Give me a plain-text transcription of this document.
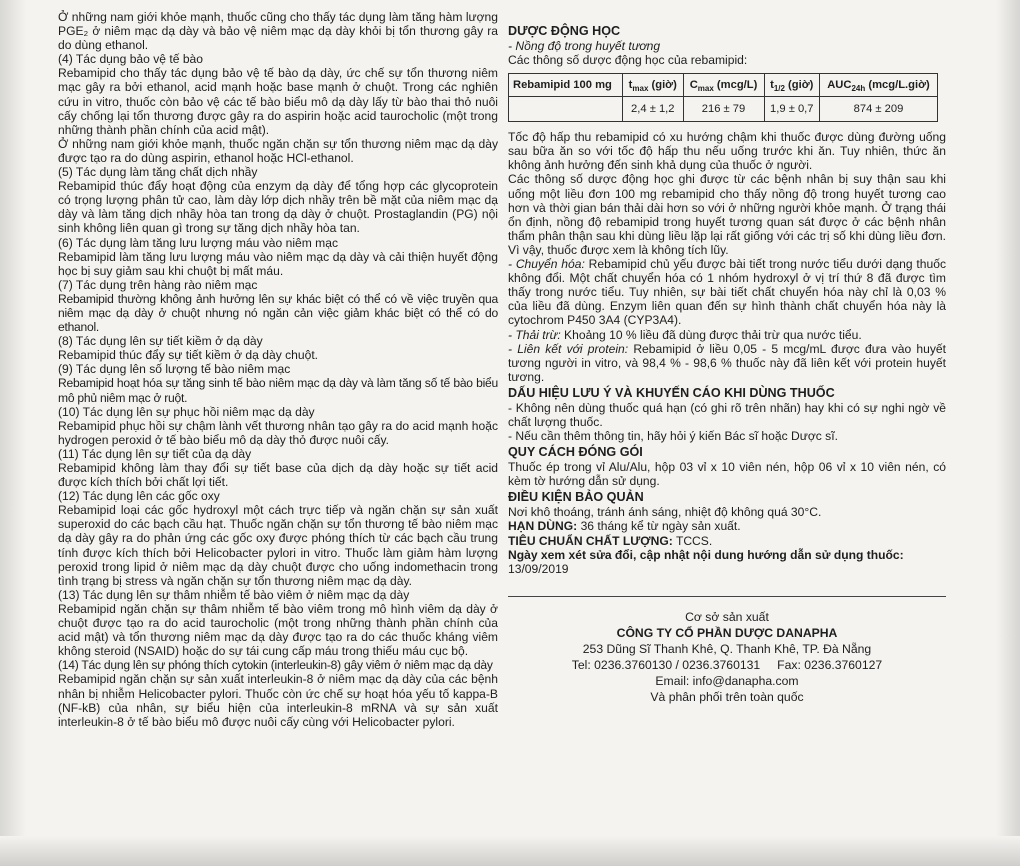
Ở những nam giới khỏe mạnh, thuốc cũng cho thấy tác dụng làm tăng hàm lượng PGE₂ ở niêm mạc dạ dày và bảo vệ niêm mạc dạ dày khỏi bị tổn thương gây ra do dùng ethanol.

(4) Tác dụng bảo vệ tế bào

Rebamipid cho thấy tác dụng bảo vệ tế bào dạ dày, ức chế sự tổn thương niêm mạc gây ra bởi ethanol, acid mạnh hoặc base mạnh ở chuột. Trong các nghiên cứu in vitro, thuốc còn bảo vệ các tế bào biểu mô dạ dày lấy từ bào thai thỏ nuôi cấy chống lại tổn thương được gây ra do aspirin hoặc acid taurocholic (một trong những thành phần chính của acid mật).

Ở những nam giới khỏe mạnh, thuốc ngăn chặn sự tổn thương niêm mạc dạ dày được tạo ra do dùng aspirin, ethanol hoặc HCl-ethanol.

(5) Tác dụng làm tăng chất dịch nhầy

Rebamipid thúc đẩy hoạt động của enzym dạ dày để tổng hợp các glycoprotein có trọng lượng phân tử cao, làm dày lớp dịch nhầy trên bề mặt của niêm mạc dạ dày và làm tăng dịch nhầy hòa tan trong dạ dày ở chuột. Prostaglandin (PG) nội sinh không liên quan gì trong sự tăng dịch nhầy hòa tan.

(6) Tác dụng làm tăng lưu lượng máu vào niêm mạc

Rebamipid làm tăng lưu lượng máu vào niêm mạc dạ dày và cải thiện huyết động học bị suy giảm sau khi chuột bị mất máu.

(7) Tác dụng trên hàng rào niêm mạc

Rebamipid thường không ảnh hưởng lên sự khác biệt có thể có về việc truyền qua niêm mạc dạ dày ở chuột nhưng nó ngăn cản việc giảm khác biệt có thể có do ethanol.

(8) Tác dụng lên sự tiết kiềm ở dạ dày

Rebamipid thúc đẩy sự tiết kiềm ở dạ dày chuột.

(9) Tác dụng lên số lượng tế bào niêm mạc

Rebamipid hoạt hóa sự tăng sinh tế bào niêm mạc dạ dày và làm tăng số tế bào biểu mô phủ niêm mạc ở ruột.

(10) Tác dụng lên sự phục hồi niêm mạc dạ dày

Rebamipid phục hồi sự chậm lành vết thương nhân tạo gây ra do acid mạnh hoặc hydrogen peroxid ở tế bào biểu mô dạ dày thỏ được nuôi cấy.

(11) Tác dụng lên sự tiết của dạ dày

Rebamipid không làm thay đổi sự tiết base của dịch dạ dày hoặc sự tiết acid được kích thích bởi chất lợi tiết.

(12) Tác dụng lên các gốc oxy

Rebamipid loại các gốc hydroxyl một cách trực tiếp và ngăn chặn sự sản xuất superoxid do các bạch cầu hạt. Thuốc ngăn chặn sự tổn thương tế bào niêm mạc dạ dày gây ra do phản ứng các gốc oxy được phóng thích từ các bạch cầu trung tính được kích thích bởi Helicobacter pylori in vitro. Thuốc làm giảm hàm lượng peroxid trong lipid ở niêm mạc dạ dày chuột được cho uống indomethacin trong tình trạng bị stress và ngăn chặn sự tổn thương niêm mạc dạ dày.

(13) Tác dụng lên sự thâm nhiễm tế bào viêm ở niêm mạc dạ dày

Rebamipid ngăn chặn sự thâm nhiễm tế bào viêm trong mô hình viêm dạ dày ở chuột được tạo ra do acid taurocholic (một trong những thành phần chính của acid mật) và tổn thương niêm mạc dạ dày được tạo ra do các thuốc kháng viêm không steroid (NSAID) hoặc do sự tái cung cấp máu trong thiếu máu cục bộ.

(14) Tác dụng lên sự phóng thích cytokin (interleukin-8) gây viêm ở niêm mạc dạ dày

Rebamipid ngăn chặn sự sản xuất interleukin-8 ở niêm mạc dạ dày của các bệnh nhân bị nhiễm Helicobacter pylori. Thuốc còn ức chế sự hoạt hóa yếu tố kappa-B (NF-kB) của nhân, sự biểu hiện của interleukin-8 mRNA và sự sản xuất interleukin-8 ở tế bào biểu mô được nuôi cấy cùng với Helicobacter pylori.

DƯỢC ĐỘNG HỌC

- Nồng độ trong huyết tương

Các thông số dược động học của rebamipid:

Rebamipid 100 mg	$t_{max}$ (giờ)	$C_{max}$ (mcg/L)	$t_{1/2}$ (giờ)	$AUC_{24h}$ (mcg/L.giờ)
	2,4 ± 1,2	216 ± 79	1,9 ± 0,7	874 ± 209

Tốc độ hấp thu rebamipid có xu hướng chậm khi thuốc được dùng đường uống sau bữa ăn so với tốc độ hấp thu nếu uống trước khi ăn. Tuy nhiên, thức ăn không ảnh hưởng đến sinh khả dụng của thuốc ở người.

Các thông số dược động học ghi được từ các bệnh nhân bị suy thận sau khi uống một liều đơn 100 mg rebamipid cho thấy nồng độ trong huyết tương cao hơn và thời gian bán thải dài hơn so với ở những người khỏe mạnh. Ở trạng thái ổn định, nồng độ rebamipid trong huyết tương quan sát được ở các bệnh nhân thẩm phân thận sau khi dùng liều lặp lại rất giống với các trị số khi dùng liều đơn. Vì vậy, thuốc được xem là không tích lũy.

- Chuyển hóa: Rebamipid chủ yếu được bài tiết trong nước tiểu dưới dạng thuốc không đổi. Một chất chuyển hóa có 1 nhóm hydroxyl ở vị trí thứ 8 đã được tìm thấy trong nước tiểu. Tuy nhiên, sự bài tiết chất chuyển hóa này chỉ là 0,03 % của liều đã dùng. Enzym liên quan đến sự hình thành chất chuyển hóa này là cytochrom P450 3A4 (CYP3A4).

- Thải trừ: Khoảng 10 % liều đã dùng được thải trừ qua nước tiểu.

- Liên kết với protein: Rebamipid ở liều 0,05 - 5 mcg/mL được đưa vào huyết tương người in vitro, và 98,4 % - 98,6 % thuốc này đã liên kết với protein huyết tương.

DẤU HIỆU LƯU Ý VÀ KHUYẾN CÁO KHI DÙNG THUỐC

- Không nên dùng thuốc quá hạn (có ghi rõ trên nhãn) hay khi có sự nghi ngờ về chất lượng thuốc.

- Nếu cần thêm thông tin, hãy hỏi ý kiến Bác sĩ hoặc Dược sĩ.

QUY CÁCH ĐÓNG GÓI

Thuốc ép trong vỉ Alu/Alu, hộp 03 vỉ x 10 viên nén, hộp 06 vỉ x 10 viên nén, có kèm tờ hướng dẫn sử dụng.

ĐIỀU KIỆN BẢO QUẢN

Nơi khô thoáng, tránh ánh sáng, nhiệt độ không quá 30°C.

HẠN DÙNG: 36 tháng kể từ ngày sản xuất.

TIÊU CHUẨN CHẤT LƯỢNG: TCCS.

Ngày xem xét sửa đổi, cập nhật nội dung hướng dẫn sử dụng thuốc:

13/09/2019

Cơ sở sản xuất
CÔNG TY CỔ PHẦN DƯỢC DANAPHA
253 Dũng Sĩ Thanh Khê, Q. Thanh Khê, TP. Đà Nẵng
Tel: 0236.3760130 / 0236.3760131 Fax: 0236.3760127
Email: info@danapha.com
Và phân phối trên toàn quốc
